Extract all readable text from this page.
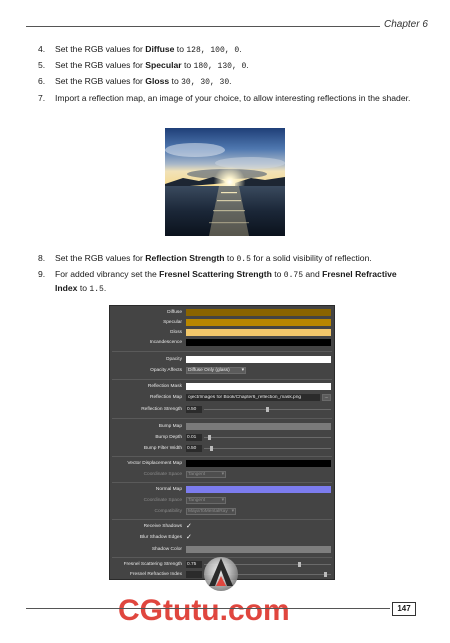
Chapter 6
4. Set the RGB values for Diffuse to 128, 100, 0.
5. Set the RGB values for Specular to 180, 130, 0.
6. Set the RGB values for Gloss to 30, 30, 30.
7. Import a reflection map, an image of your choice, to allow interesting reflections in the shader.
8. Set the RGB values for Reflection Strength to 0.5 for a solid visibility of reflection.
9. For added vibrancy set the Fresnel Scattering Strength to 0.75 and Fresnel Refractive Index to 1.5.
Diffuse
Specular
Gloss
Incandescence
Opacity
Opacity Affects	Diffuse Only (glass) ▾
Reflection Mask
Reflection Map	oject/Images for Book/Chapter6_reflection_mask.png	...
Reflection Strength 0.50
Bump Map
Bump Depth 0.01
Bump Filter Width 0.50
Vector Displacement Map
Coordinate Space	Tangent	▾
Normal Map
Coordinate Space	Tangent	▾
Compatibility	MayaToMentalRay ▾
Receive Shadows ✓
Blur Shadow Edges ✓
Shadow Color
Fresnel Scattering Strength 0.75
Fresnel Refractive Index
CGtutu.com	147
